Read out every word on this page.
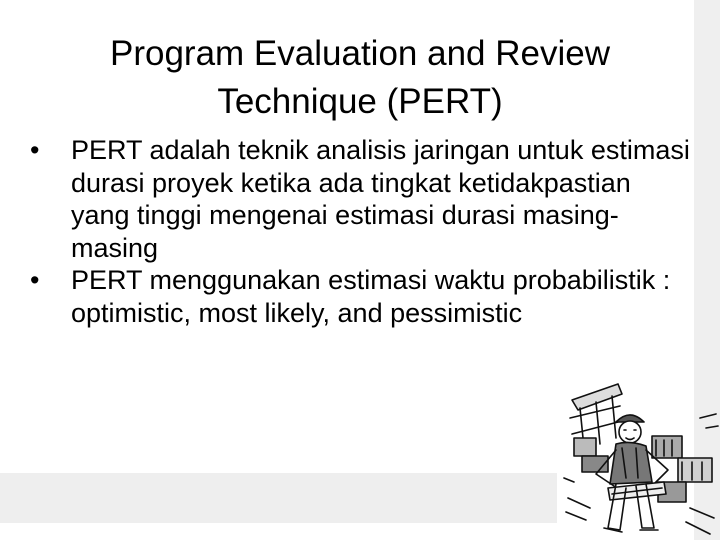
Program Evaluation and Review Technique (PERT)
•	PERT adalah teknik analisis jaringan untuk estimasi durasi proyek ketika ada tingkat ketidakpastian yang tinggi mengenai estimasi durasi masing-masing
•	PERT menggunakan estimasi waktu probabilistik : optimistic, most likely, and pessimistic
